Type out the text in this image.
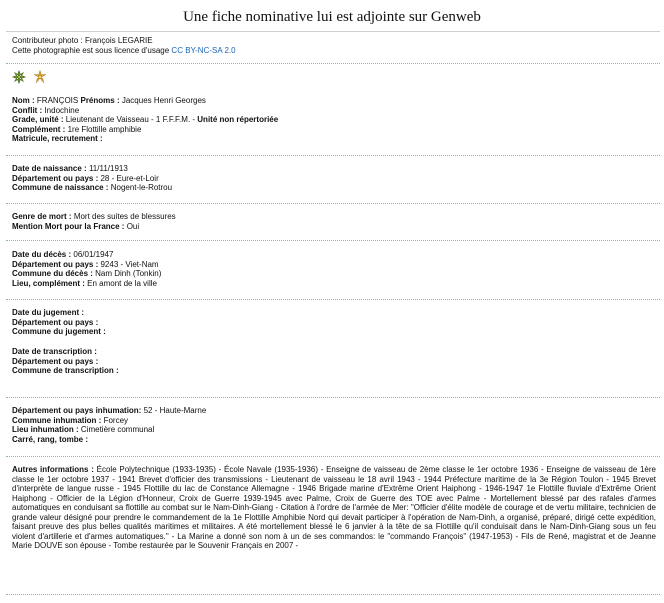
Une fiche nominative lui est adjointe sur Genweb
Contributeur photo : François LEGARIE
Cette photographie est sous licence d'usage CC BY-NC-SA 2.0

Nom : FRANÇOIS Prénoms : Jacques Henri Georges
Conflit : Indochine
Grade, unité : Lieutenant de Vaisseau - 1 F.F.F.M. - Unité non répertoriée
Complément : 1re Flottille amphibie
Matricule, recrutement :
Date de naissance : 11/11/1913
Département ou pays : 28 - Eure-et-Loir
Commune de naissance : Nogent-le-Rotrou
Genre de mort : Mort des suites de blessures
Mention Mort pour la France : Oui
Date du décès : 06/01/1947
Département ou pays : 9243 - Viet-Nam
Commune du décès : Nam Dinh (Tonkin)
Lieu, complément : En amont de la ville
Date du jugement :
Département ou pays :
Commune du jugement :
Date de transcription :
Département ou pays :
Commune de transcription :
Département ou pays inhumation: 52 - Haute-Marne
Commune inhumation : Forcey
Lieu inhumation : Cimetière communal
Carré, rang, tombe :
Autres informations : École Polytechnique (1933-1935) - École Navale (1935-1936) - Enseigne de vaisseau de 2ème classe le 1er octobre 1936 - Enseigne de vaisseau de 1ère classe le 1er octobre 1937 - 1941 Brevet d'officier des transmissions - Lieutenant de vaisseau le 18 avril 1943 - 1944 Préfecture maritime de la 3e Région Toulon - 1945 Brevet d'interprète de langue russe - 1945 Flottille du lac de Constance Allemagne - 1946 Brigade marine d'Extrême Orient Haiphong - 1946-1947 1e Flottille fluviale d'Extrême Orient Haiphong - Officier de la Légion d'Honneur, Croix de Guerre 1939-1945 avec Palme, Croix de Guerre des TOE avec Palme - Mortellement blessé par des rafales d'armes automatiques en conduisant sa flottille au combat sur le Nam-Dinh-Giang - Citation à l'ordre de l'armée de Mer: "Officier d'élite modèle de courage et de vertu militaire, technicien de grande valeur désigné pour prendre le commandement de la 1e Flottille Amphibie Nord qui devait participer à l'opération de Nam-Dinh, a organisé, préparé, dirigé cette expédition, faisant preuve des plus belles qualités maritimes et militaires. A été mortellement blessé le 6 janvier à la tête de sa Flottille qu'il conduisait dans le Nam-Dinh-Giang sous un feu violent d'artillerie et d'armes automatiques." - La Marine a donné son nom à un de ses commandos: le "commando François" (1947-1953) - Fils de René, magistrat et de Jeanne Marie DOUVE son épouse - Tombe restaurée par le Souvenir Français en 2007 -
